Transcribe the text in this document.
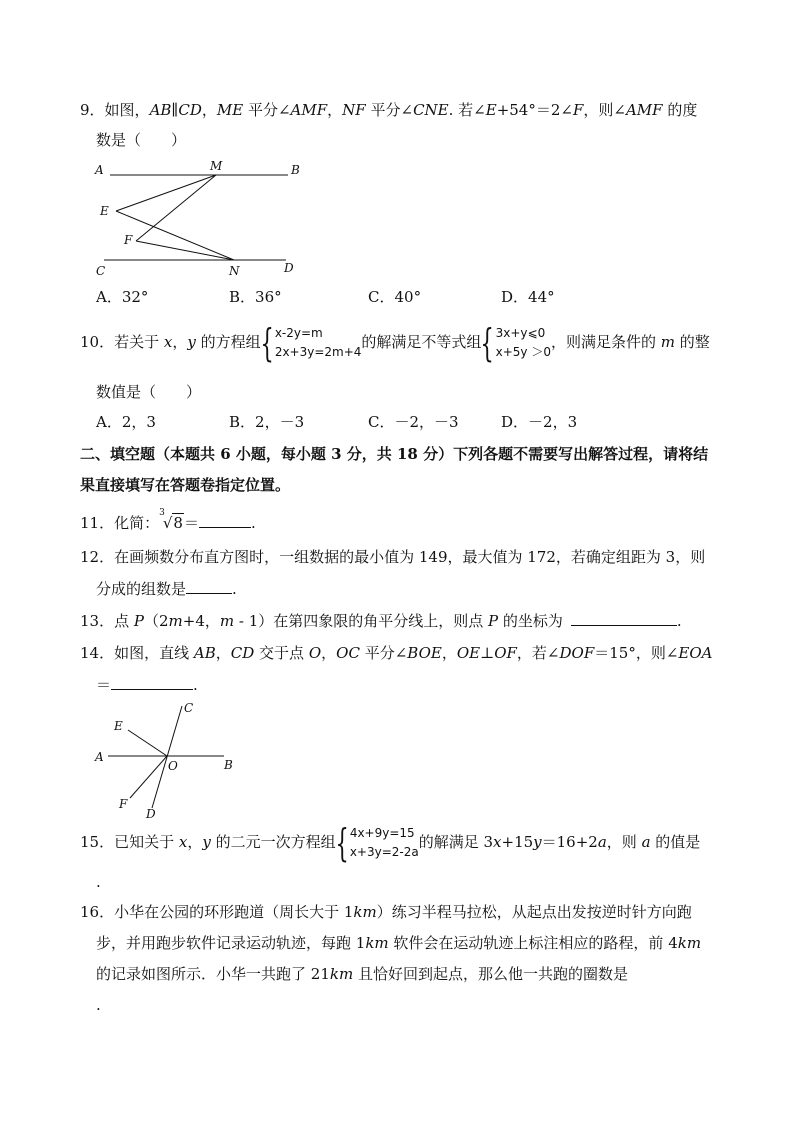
9．如图，AB∥CD，ME 平分∠AMF，NF 平分∠CNE. 若∠E+54°＝2∠F，则∠AMF 的度
数是（　　）
A	M	B
E
F
C	N	D
A．32°	B．36°	C．40°	D．44°
10．若关于 x，y 的方程组 { x-2y=m
2x+3y=2m+4
的解满足不等式组 { 3x+y⩽0
x+5y ＞0
，则满足条件的 m 的整
数值是（　　）
A．2，3	B．2，－3	C．－2，－3	D．－2，3
二、填空题（本题共 6 小题，每小题 3 分，共 18 分）下列各题不需要写出解答过程，请将结
果直接填写在答题卷指定位置。
11．化简：$^3$√8＝	.
12．在画频数分布直方图时，一组数据的最小值为 149，最大值为 172，若确定组距为 3，则
分成的组数是	.
13．点 P（2m+4，m - 1）在第四象限的角平分线上，则点 P 的坐标为	.
14．如图，直线 AB，CD 交于点 O，OC 平分∠BOE，OE⊥OF，若∠DOF＝15°，则∠EOA
＝	.
E
C
A
O	B
F
D
15．已知关于 x，y 的二元一次方程组 { 4x+9y=15
x+3y=2-2a
的解满足 3x+15y＝16+2a，则 a 的值是
.
16．小华在公园的环形跑道（周长大于 1km）练习半程马拉松，从起点出发按逆时针方向跑
步，并用跑步软件记录运动轨迹，每跑 1km 软件会在运动轨迹上标注相应的路程，前 4km
的记录如图所示．小华一共跑了 21km 且恰好回到起点，那么他一共跑的圈数是
.
